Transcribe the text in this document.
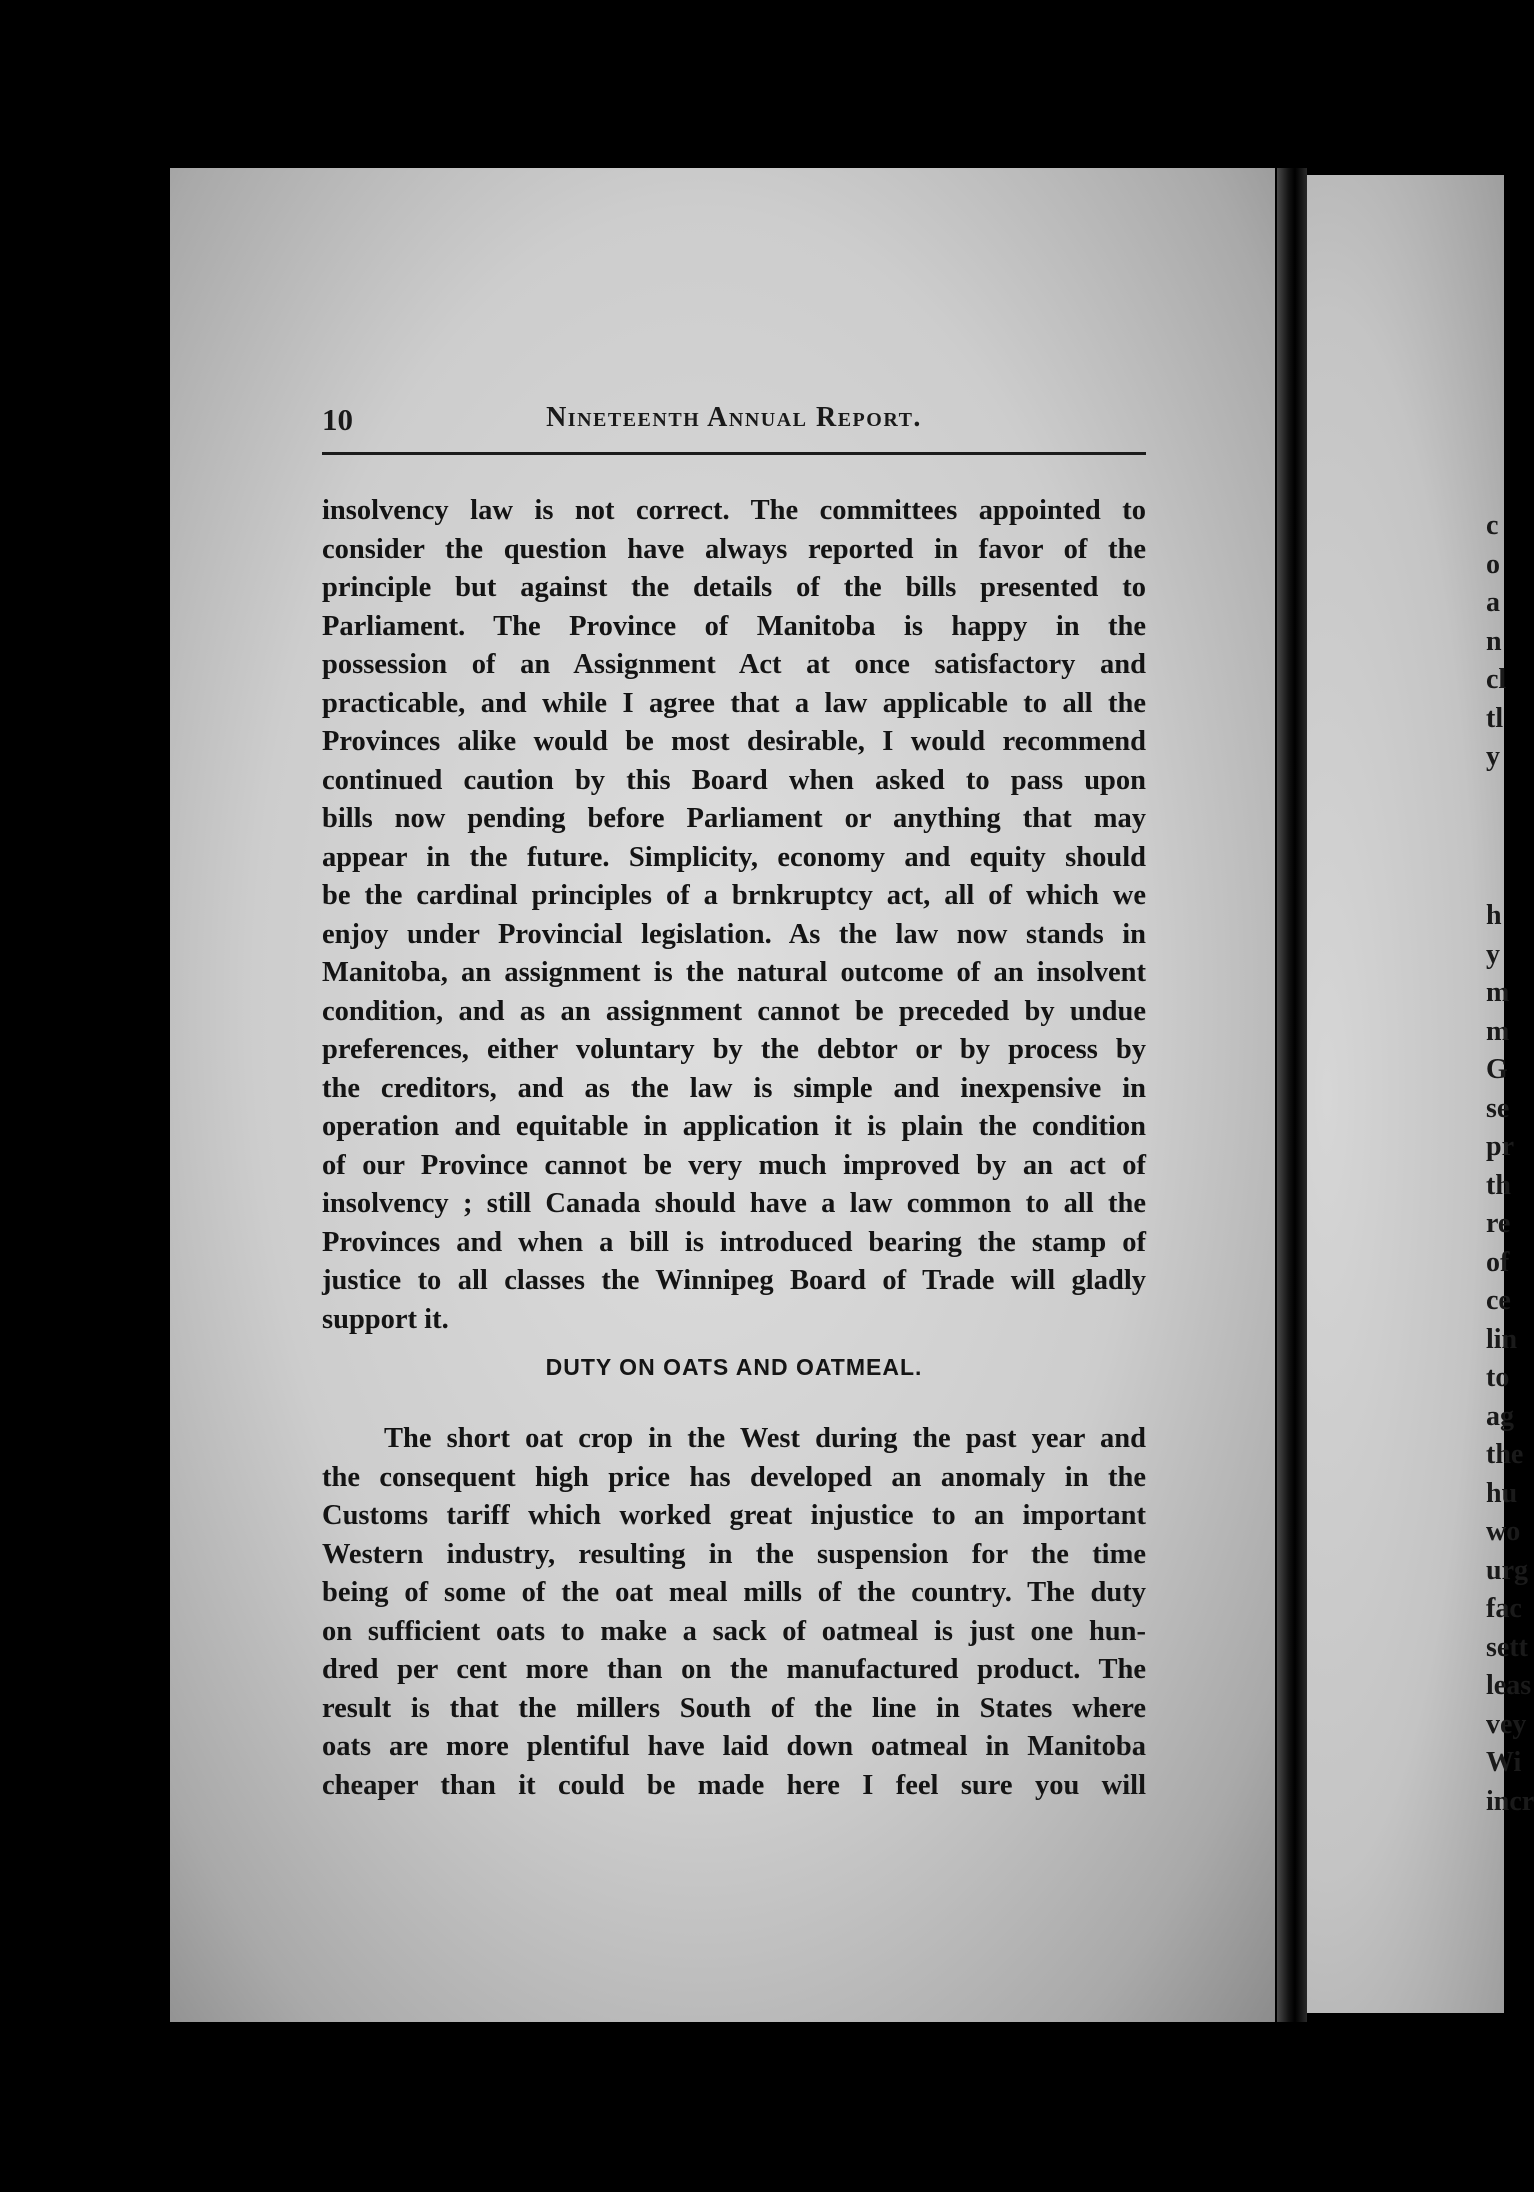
10	Nineteenth Annual Report.
insolvency law is not correct. The committees appointed to
consider the question have always reported in favor of the
principle but against the details of the bills presented to
Parliament. The Province of Manitoba is happy in the
possession of an Assignment Act at once satisfactory and
practicable, and while I agree that a law applicable to all the
Provinces alike would be most desirable, I would recommend
continued caution by this Board when asked to pass upon
bills now pending before Parliament or anything that may
appear in the future. Simplicity, economy and equity should
be the cardinal principles of a brnkruptcy act, all of which we
enjoy under Provincial legislation. As the law now stands in
Manitoba, an assignment is the natural outcome of an insolvent
condition, and as an assignment cannot be preceded by undue
preferences, either voluntary by the debtor or by process by
the creditors, and as the law is simple and inexpensive in
operation and equitable in application it is plain the condition
of our Province cannot be very much improved by an act of
insolvency ; still Canada should have a law common to all the
Provinces and when a bill is introduced bearing the stamp of
justice to all classes the Winnipeg Board of Trade will gladly
support it.
DUTY ON OATS AND OATMEAL.
The short oat crop in the West during the past year and
the consequent high price has developed an anomaly in the
Customs tariff which worked great injustice to an important
Western industry, resulting in the suspension for the time
being of some of the oat meal mills of the country. The duty
on sufficient oats to make a sack of oatmeal is just one hun-
dred per cent more than on the manufactured product. The
result is that the millers South of the line in States where
oats are more plentiful have laid down oatmeal in Manitoba
cheaper than it could be made here I feel sure you will
c
o
a
n
cl
tl
y
h
y
m
m
G
se
pr
th
re
of
ce
lin
to
ag
the
hu
wo
urg
fac
sett
leas
vey
Wi
incr
